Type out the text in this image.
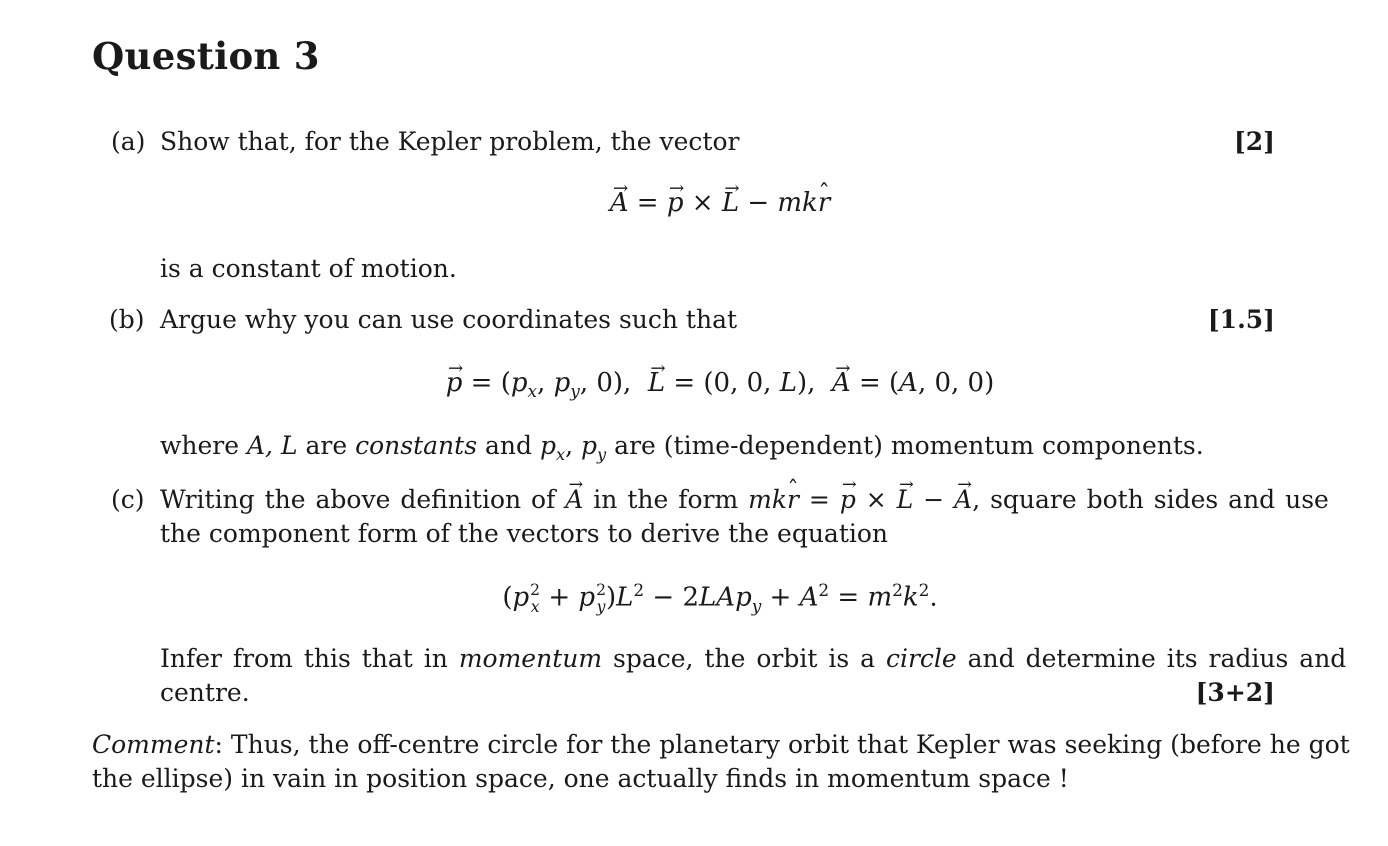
Question 3
(a) Show that, for the Kepler problem, the vector	[2]
→ A = → p × → L − mkˆ r
is a constant of motion.
(b) Argue why you can use coordinates such that	[1.5]
→ $p = (p_x$, $p_y$, 0),  → L = (0, 0, L),  → A = (A, 0, 0)
where A, L are constants and $p_x$, $p_y$ are (time-dependent) momentum components.
(c) Writing the above definition of → A in the form mkˆ r = → p × → L − → A, square both sides and use
the component form of the vectors to derive the equation
(p 2
x + p 2
y )$L^2 - 2LAp_y + A^2 = m^2k^2$.
Infer from this that in momentum space, the orbit is a circle and determine its radius and
centre.	[3+2]
Comment: Thus, the off-centre circle for the planetary orbit that Kepler was seeking (before he got
the ellipse) in vain in position space, one actually finds in momentum space !
